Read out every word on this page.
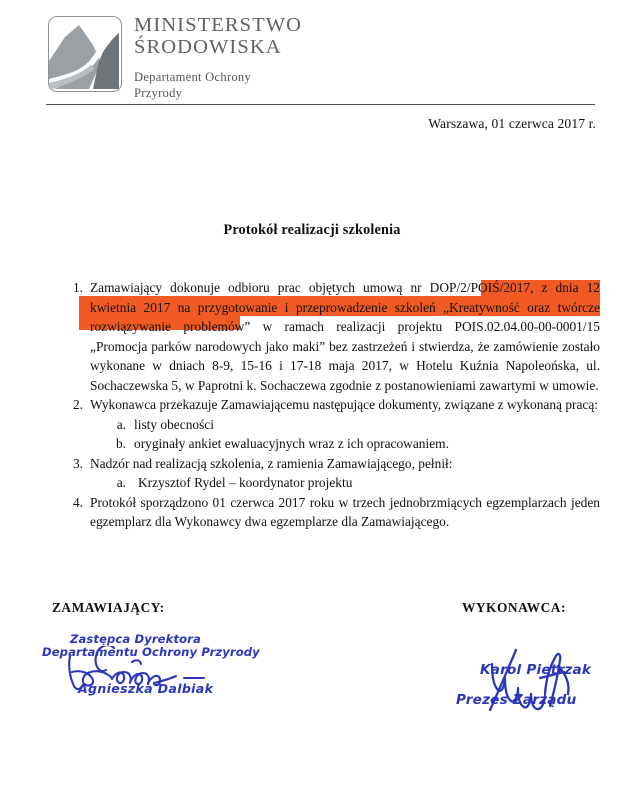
MINISTERSTWO
ŚRODOWISKA
Departament Ochrony
Przyrody
Warszawa, 01 czerwca 2017 r.
Protokół realizacji szkolenia
Zamawiający dokonuje odbioru prac objętych umową nr DOP/2/POIŚ/2017, z dnia 12 kwietnia 2017 na przygotowanie i przeprowadzenie szkoleń „Kreatywność oraz twórcze rozwiązywanie problemów” w ramach realizacji projektu POIS.02.04.00-00-0001/15 „Promocja parków narodowych jako maki” bez zastrzeżeń i stwierdza, że zamówienie zostało wykonane w dniach 8-9, 15-16 i 17-18 maja 2017, w Hotelu Kuźnia Napoleońska, ul. Sochaczewska 5, w Paprotni k. Sochaczewa zgodnie z postanowieniami zawartymi w umowie.
Wykonawca przekazuje Zamawiającemu następujące dokumenty, związane z wykonaną pracą:
listy obecności
oryginały ankiet ewaluacyjnych wraz z ich opracowaniem.
Nadzór nad realizacją szkolenia, z ramienia Zamawiającego, pełnił:
Krzysztof Rydel – koordynator projektu
Protokół sporządzono 01 czerwca 2017 roku w trzech jednobrzmiących egzemplarzach jeden egzemplarz dla Wykonawcy dwa egzemplarze dla Zamawiającego.
ZAMAWIAJĄCY:	WYKONAWCA:
Zastępca Dyrektora
Departamentu Ochrony Przyrody
Agnieszka Dalbiak
Karol Pietrzak
Prezes Zarządu
